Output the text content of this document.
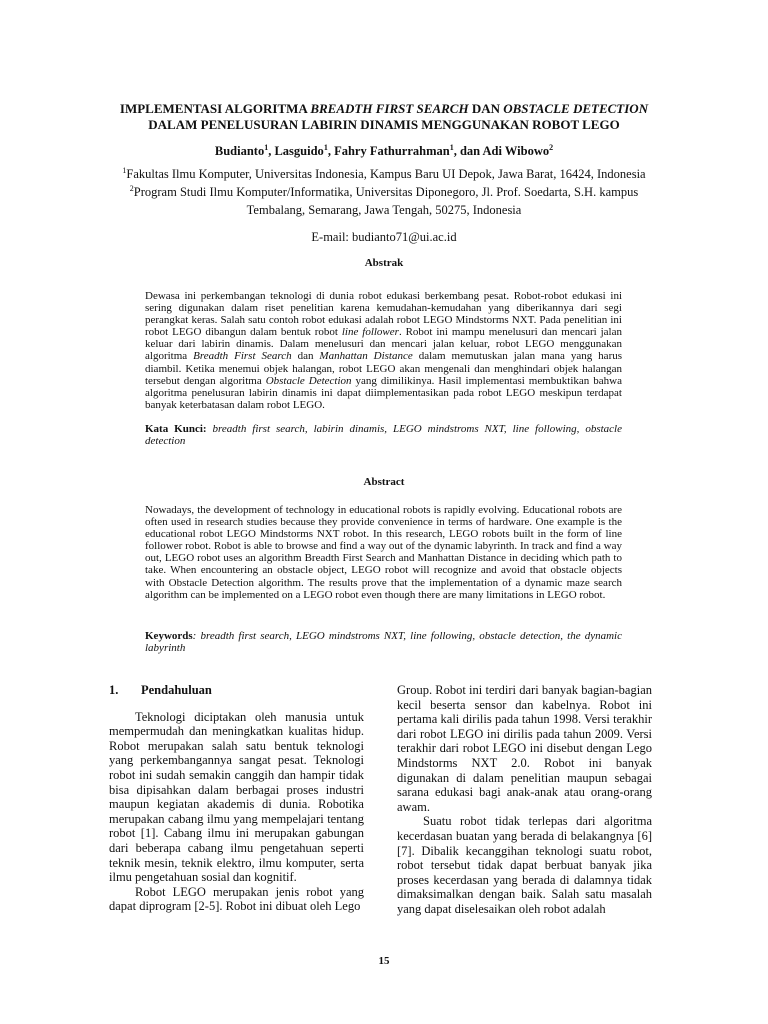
IMPLEMENTASI ALGORITMA BREADTH FIRST SEARCH DAN OBSTACLE DETECTION
DALAM PENELUSURAN LABIRIN DINAMIS MENGGUNAKAN ROBOT LEGO
Budianto$^1$, Lasguido$^1$, Fahry Fathurrahman$^1$, dan Adi Wibowo$^2$
$^1$Fakultas Ilmu Komputer, Universitas Indonesia, Kampus Baru UI Depok, Jawa Barat, 16424, Indonesia
$^2$Program Studi Ilmu Komputer/Informatika, Universitas Diponegoro, Jl. Prof. Soedarta, S.H. kampus Tembalang, Semarang, Jawa Tengah, 50275, Indonesia
E-mail: budianto71@ui.ac.id
Abstrak
Dewasa ini perkembangan teknologi di dunia robot edukasi berkembang pesat. Robot-robot edukasi ini sering digunakan dalam riset penelitian karena kemudahan-kemudahan yang diberikannya dari segi perangkat keras. Salah satu contoh robot edukasi adalah robot LEGO Mindstorms NXT. Pada penelitian ini robot LEGO dibangun dalam bentuk robot line follower. Robot ini mampu menelusuri dan mencari jalan keluar dari labirin dinamis. Dalam menelusuri dan mencari jalan keluar, robot LEGO menggunakan algoritma Breadth First Search dan Manhattan Distance dalam memutuskan jalan mana yang harus diambil. Ketika menemui objek halangan, robot LEGO akan mengenali dan menghindari objek halangan tersebut dengan algoritma Obstacle Detection yang dimilikinya. Hasil implementasi membuktikan bahwa algoritma penelusuran labirin dinamis ini dapat diimplementasikan pada robot LEGO meskipun terdapat banyak keterbatasan dalam robot LEGO.
Kata Kunci: breadth first search, labirin dinamis, LEGO mindstroms NXT, line following, obstacle detection
Abstract
Nowadays, the development of technology in educational robots is rapidly evolving. Educational robots are often used in research studies because they provide convenience in terms of hardware. One example is the educational robot LEGO Mindstorms NXT robot. In this research, LEGO robots built in the form of line follower robot. Robot is able to browse and find a way out of the dynamic labyrinth. In track and find a way out, LEGO robot uses an algorithm Breadth First Search and Manhattan Distance in deciding which path to take. When encountering an obstacle object, LEGO robot will recognize and avoid that obstacle objects with Obstacle Detection algorithm. The results prove that the implementation of a dynamic maze search algorithm can be implemented on a LEGO robot even though there are many limitations in LEGO robot.
Keywords: breadth first search, LEGO mindstroms NXT, line following, obstacle detection, the dynamic labyrinth
1.	Pendahuluan

Teknologi diciptakan oleh manusia untuk mempermudah dan meningkatkan kualitas hidup. Robot merupakan salah satu bentuk teknologi yang perkembangannya sangat pesat. Teknologi robot ini sudah semakin canggih dan hampir tidak bisa dipisahkan dalam berbagai proses industri maupun kegiatan akademis di dunia. Robotika merupakan cabang ilmu yang mempelajari tentang robot [1]. Cabang ilmu ini merupakan gabungan dari beberapa cabang ilmu pengetahuan seperti teknik mesin, teknik elektro, ilmu komputer, serta ilmu pengetahuan sosial dan kognitif.

Robot LEGO merupakan jenis robot yang dapat diprogram [2-5]. Robot ini dibuat oleh Lego

Group. Robot ini terdiri dari banyak bagian-bagian kecil beserta sensor dan kabelnya. Robot ini pertama kali dirilis pada tahun 1998. Versi terakhir dari robot LEGO ini dirilis pada tahun 2009. Versi terakhir dari robot LEGO ini disebut dengan Lego Mindstorms NXT 2.0. Robot ini banyak digunakan di dalam penelitian maupun sebagai sarana edukasi bagi anak-anak atau orang-orang awam.

Suatu robot tidak terlepas dari algoritma kecerdasan buatan yang berada di belakangnya [6][7]. Dibalik kecanggihan teknologi suatu robot, robot tersebut tidak dapat berbuat banyak jika proses kecerdasan yang berada di dalamnya tidak dimaksimalkan dengan baik. Salah satu masalah yang dapat diselesaikan oleh robot adalah

15
